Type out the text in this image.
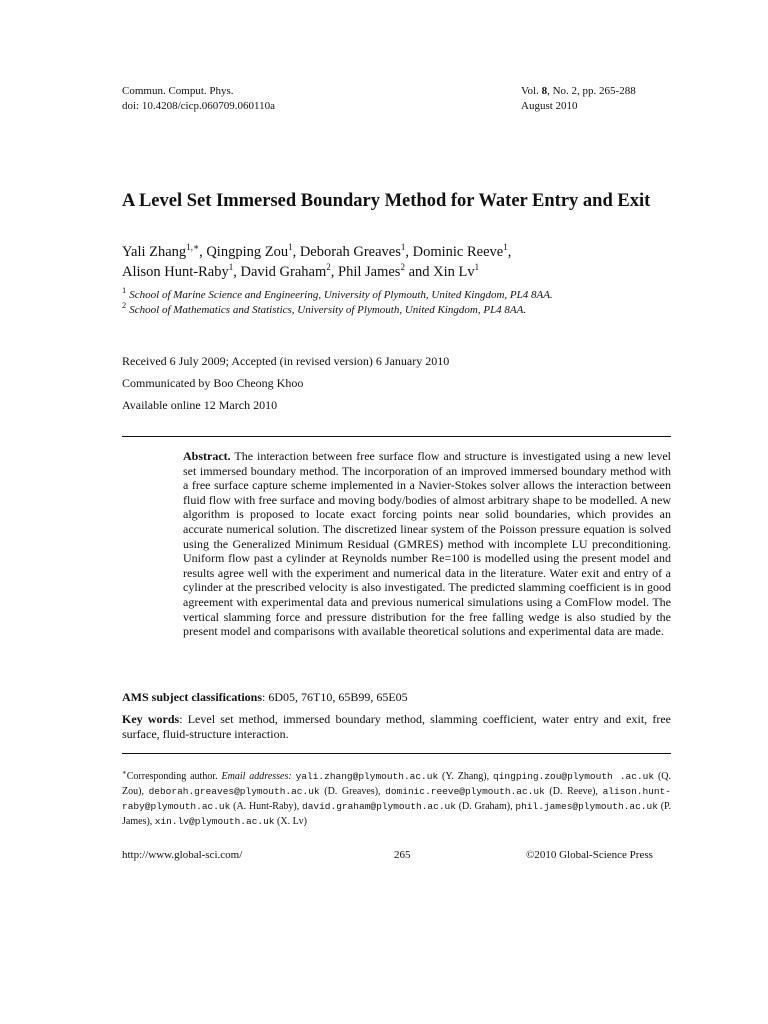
Commun. Comput. Phys.
doi: 10.4208/cicp.060709.060110a
Vol. 8, No. 2, pp. 265-288
August 2010
A Level Set Immersed Boundary Method for Water Entry and Exit
Yali Zhang$^{1,∗}$, Qingping Zou$^1$, Deborah Greaves$^1$, Dominic Reeve$^1$,
Alison Hunt-Raby$^1$, David Graham$^2$, Phil James$^2$ and Xin Lv$^1$
$^1$ School of Marine Science and Engineering, University of Plymouth, United Kingdom, PL4 8AA.
$^2$ School of Mathematics and Statistics, University of Plymouth, United Kingdom, PL4 8AA.
Received 6 July 2009; Accepted (in revised version) 6 January 2010
Communicated by Boo Cheong Khoo
Available online 12 March 2010
Abstract. The interaction between free surface flow and structure is investigated using a new level set immersed boundary method. The incorporation of an improved immersed boundary method with a free surface capture scheme implemented in a Navier-Stokes solver allows the interaction between fluid flow with free surface and moving body/bodies of almost arbitrary shape to be modelled. A new algorithm is proposed to locate exact forcing points near solid boundaries, which provides an accurate numerical solution. The discretized linear system of the Poisson pressure equation is solved using the Generalized Minimum Residual (GMRES) method with incomplete LU preconditioning. Uniform flow past a cylinder at Reynolds number Re=100 is modelled using the present model and results agree well with the experiment and numerical data in the literature. Water exit and entry of a cylinder at the prescribed velocity is also investigated. The predicted slamming coefficient is in good agreement with experimental data and previous numerical simulations using a ComFlow model. The vertical slamming force and pressure distribution for the free falling wedge is also studied by the present model and comparisons with available theoretical solutions and experimental data are made.
AMS subject classifications: 6D05, 76T10, 65B99, 65E05
Key words: Level set method, immersed boundary method, slamming coefficient, water entry and exit, free surface, fluid-structure interaction.
∗Corresponding author. Email addresses: yali.zhang@plymouth.ac.uk (Y. Zhang), qingping.zou@plymouth .ac.uk (Q. Zou), deborah.greaves@plymouth.ac.uk (D. Greaves), dominic.reeve@plymouth.ac.uk (D. Reeve), alison.hunt-raby@plymouth.ac.uk (A. Hunt-Raby), david.graham@plymouth.ac.uk (D. Graham), phil.james@plymouth.ac.uk (P. James), xin.lv@plymouth.ac.uk (X. Lv)
http://www.global-sci.com/	265	©2010 Global-Science Press
